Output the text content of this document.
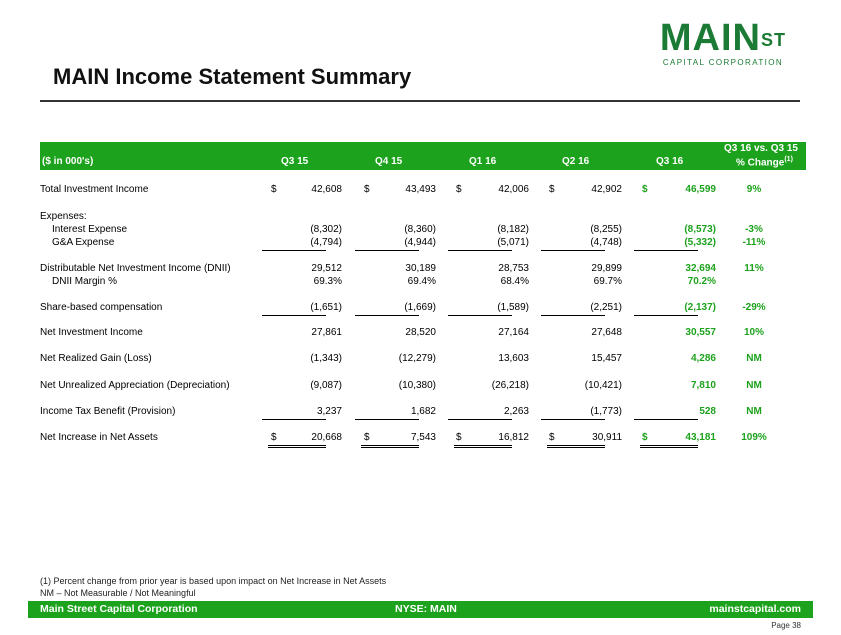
$MAIN^{ST}$
CAPITAL CORPORATION
MAIN Income Statement Summary
($ in 000's)	Q3 15	Q4 15	Q1 16	Q2 16	Q3 16
Q3 16 vs. Q3 15
% Change$^{(1)}$
Total Investment Income	$	42,608 $	43,493 $	42,006 $	42,902 $	46,599	9%
Expenses:
Interest Expense	(8,302)	(8,360)	(8,182)	(8,255)	(8,573)	-3%
G&A Expense	(4,794)	(4,944)	(5,071)	(4,748)	(5,332)	-11%
Distributable Net Investment Income (DNII)	29,512	30,189	28,753	29,899	32,694	11%
DNII Margin %	69.3%	69.4%	68.4%	69.7%	70.2%
Share-based compensation	(1,651)	(1,669)	(1,589)	(2,251)	(2,137)	-29%
Net Investment Income	27,861	28,520	27,164	27,648	30,557	10%
Net Realized Gain (Loss)	(1,343)	(12,279)	13,603	15,457	4,286	NM
Net Unrealized Appreciation (Depreciation)	(9,087)	(10,380)	(26,218)	(10,421)	7,810	NM
Income Tax Benefit (Provision)	3,237	1,682	2,263	(1,773)	528	NM
Net Increase in Net Assets	$	20,668 $	7,543 $	16,812 $	30,911 $	43,181	109%
(1) Percent change from prior year is based upon impact on Net Increase in Net Assets
NM – Not Measurable / Not Meaningful
Main Street Capital Corporation	NYSE: MAIN	mainstcapital.com
Page 38
